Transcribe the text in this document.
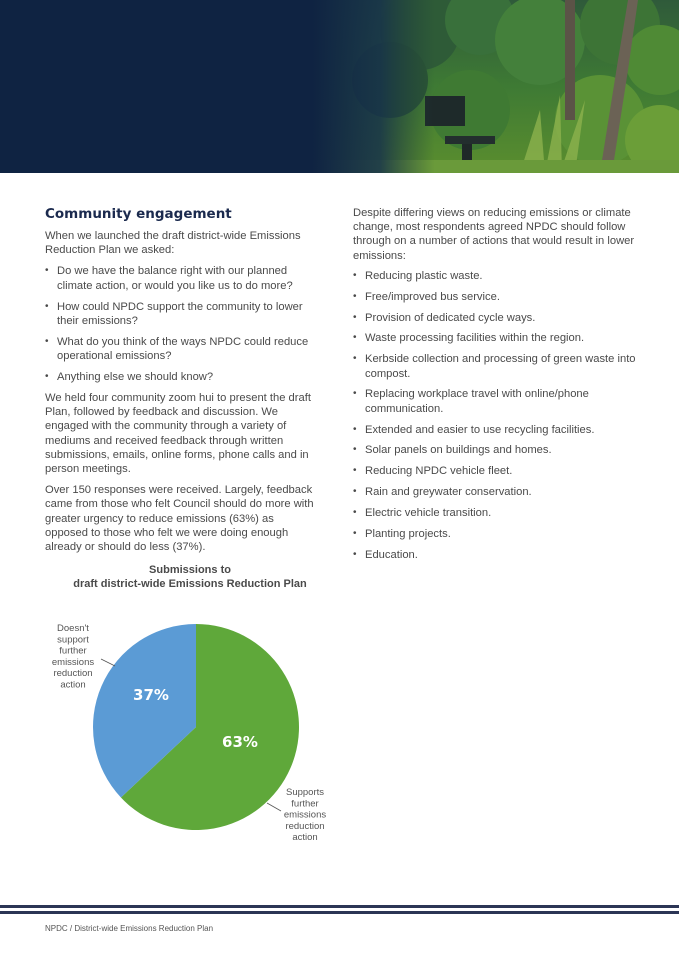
Community engagement

When we launched the draft district-wide Emissions Reduction Plan we asked:

• Do we have the balance right with our planned climate action, or would you like us to do more?
• How could NPDC support the community to lower their emissions?
• What do you think of the ways NPDC could reduce operational emissions?
• Anything else we should know?

We held four community zoom hui to present the draft Plan, followed by feedback and discussion. We engaged with the community through a variety of mediums and received feedback through written submissions, emails, online forms, phone calls and in person meetings.

Over 150 responses were received. Largely, feedback came from those who felt Council should do more with greater urgency to reduce emissions (63%) as opposed to those who felt we were doing enough already or should do less (37%).

Despite differing views on reducing emissions or climate change, most respondents agreed NPDC should follow through on a number of actions that would result in lower emissions:

• Reducing plastic waste.
• Free/improved bus service.
• Provision of dedicated cycle ways.
• Waste processing facilities within the region.
• Kerbside collection and processing of green waste into compost.
• Replacing workplace travel with online/phone communication.
• Extended and easier to use recycling facilities.
• Solar panels on buildings and homes.
• Reducing NPDC vehicle fleet.
• Rain and greywater conservation.
• Electric vehicle transition.
• Planting projects.
• Education.
Submissions to
draft district-wide Emissions Reduction Plan
63%
Supports further emissions reduction action
37%
Doesn't support further emissions reduction action
NPDC / District-wide Emissions Reduction Plan
